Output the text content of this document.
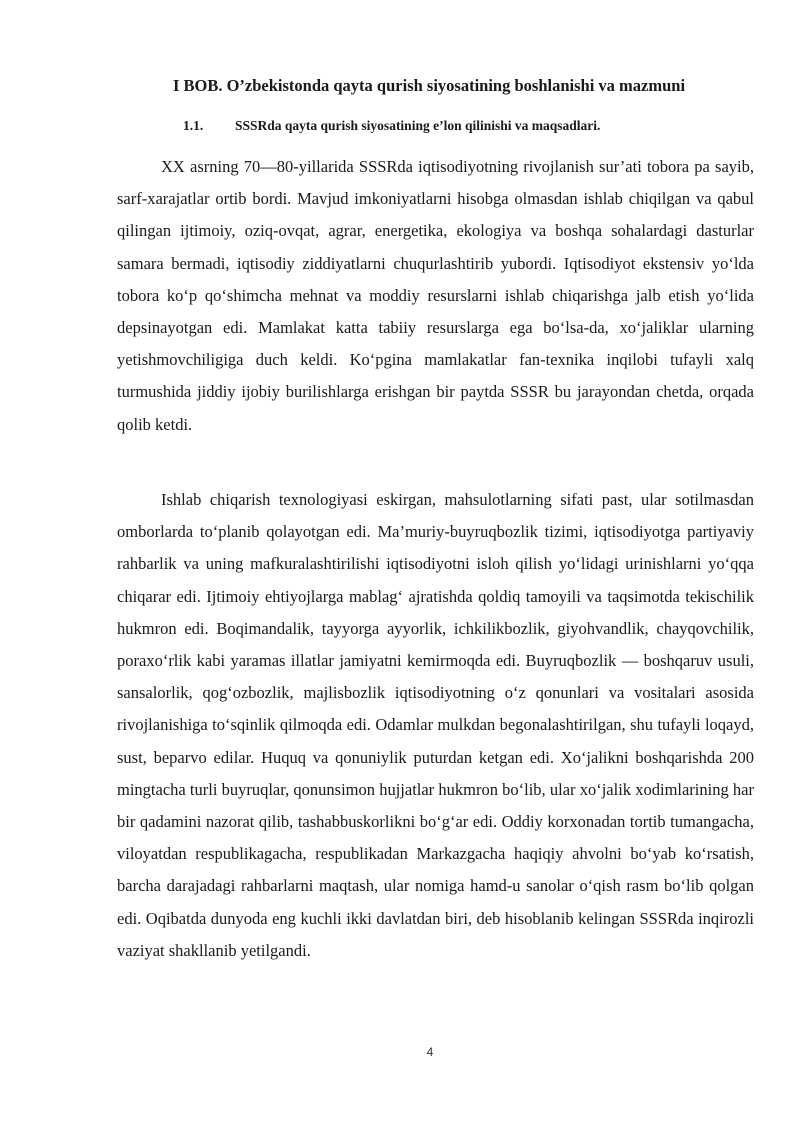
I BOB. O’zbekistonda qayta qurish siyosatining boshlanishi va mazmuni
1.1. SSSRda qayta qurish siyosatining e’lon qilinishi va maqsadlari.

XX asrning 70—80-yillarida SSSRda iqtisodiyotning rivojlanish sur’ati tobora pa sayib, sarf-xarajatlar ortib bordi. Mavjud imkoniyatlarni hisobga olmasdan ishlab chiqilgan va qabul qilingan ijtimoiy, oziq-ovqat, agrar, energetika, ekologiya va boshqa sohalardagi dasturlar samara bermadi, iqtisodiy ziddiyatlarni chuqurlashtirib yubordi. Iqtisodiyot ekstensiv yo‘lda tobora ko‘p qo‘shimcha mehnat va moddiy resurslarni ishlab chiqarishga jalb etish yo‘lida depsinayotgan edi. Mamlakat katta tabiiy resurslarga ega bo‘lsa-da, xo‘jaliklar ularning yetishmovchiligiga duch keldi. Ko‘pgina mamlakatlar fan-texnika inqilobi tufayli xalq turmushida jiddiy ijobiy burilishlarga erishgan bir paytda SSSR bu jarayondan chetda, orqada qolib ketdi.

Ishlab chiqarish texnologiyasi eskirgan, mahsulotlarning sifati past, ular sotilmasdan omborlarda to‘planib qolayotgan edi. Ma’muriy-buyruqbozlik tizimi, iqtisodiyotga partiyaviy rahbarlik va uning mafkuralashtirilishi iqtisodiyotni isloh qilish yo‘lidagi urinishlarni yo‘qqa chiqarar edi. Ijtimoiy ehtiyojlarga mablag‘ ajratishda qoldiq tamoyili va taqsimotda tekischilik hukmron edi. Boqimandalik, tayyorga ayyorlik, ichkilikbozlik, giyohvandlik, chayqovchilik, poraxo‘rlik kabi yaramas illatlar jamiyatni kemirmoqda edi. Buyruqbozlik — boshqaruv usuli, sansalorlik, qog‘ozbozlik, majlisbozlik iqtisodiyotning o‘z qonunlari va vositalari asosida rivojlanishiga to‘sqinlik qilmoqda edi. Odamlar mulkdan begonalashtirilgan, shu tufayli loqayd, sust, beparvo edilar. Huquq va qonuniylik puturdan ketgan edi. Xo‘jalikni boshqarishda 200 mingtacha turli buyruqlar, qonunsimon hujjatlar hukmron bo‘lib, ular xo‘jalik xodimlarining har bir qadamini nazorat qilib, tashabbuskorlikni bo‘g‘ar edi. Oddiy korxonadan tortib tumangacha, viloyatdan respublikagacha, respublikadan Markazgacha haqiqiy ahvolni bo‘yab ko‘rsatish, barcha darajadagi rahbarlarni maqtash, ular nomiga hamd-u sanolar o‘qish rasm bo‘lib qolgan edi. Oqibatda dunyoda eng kuchli ikki davlatdan biri, deb hisoblanib kelingan SSSRda inqirozli vaziyat shakllanib yetilgandi.

4
